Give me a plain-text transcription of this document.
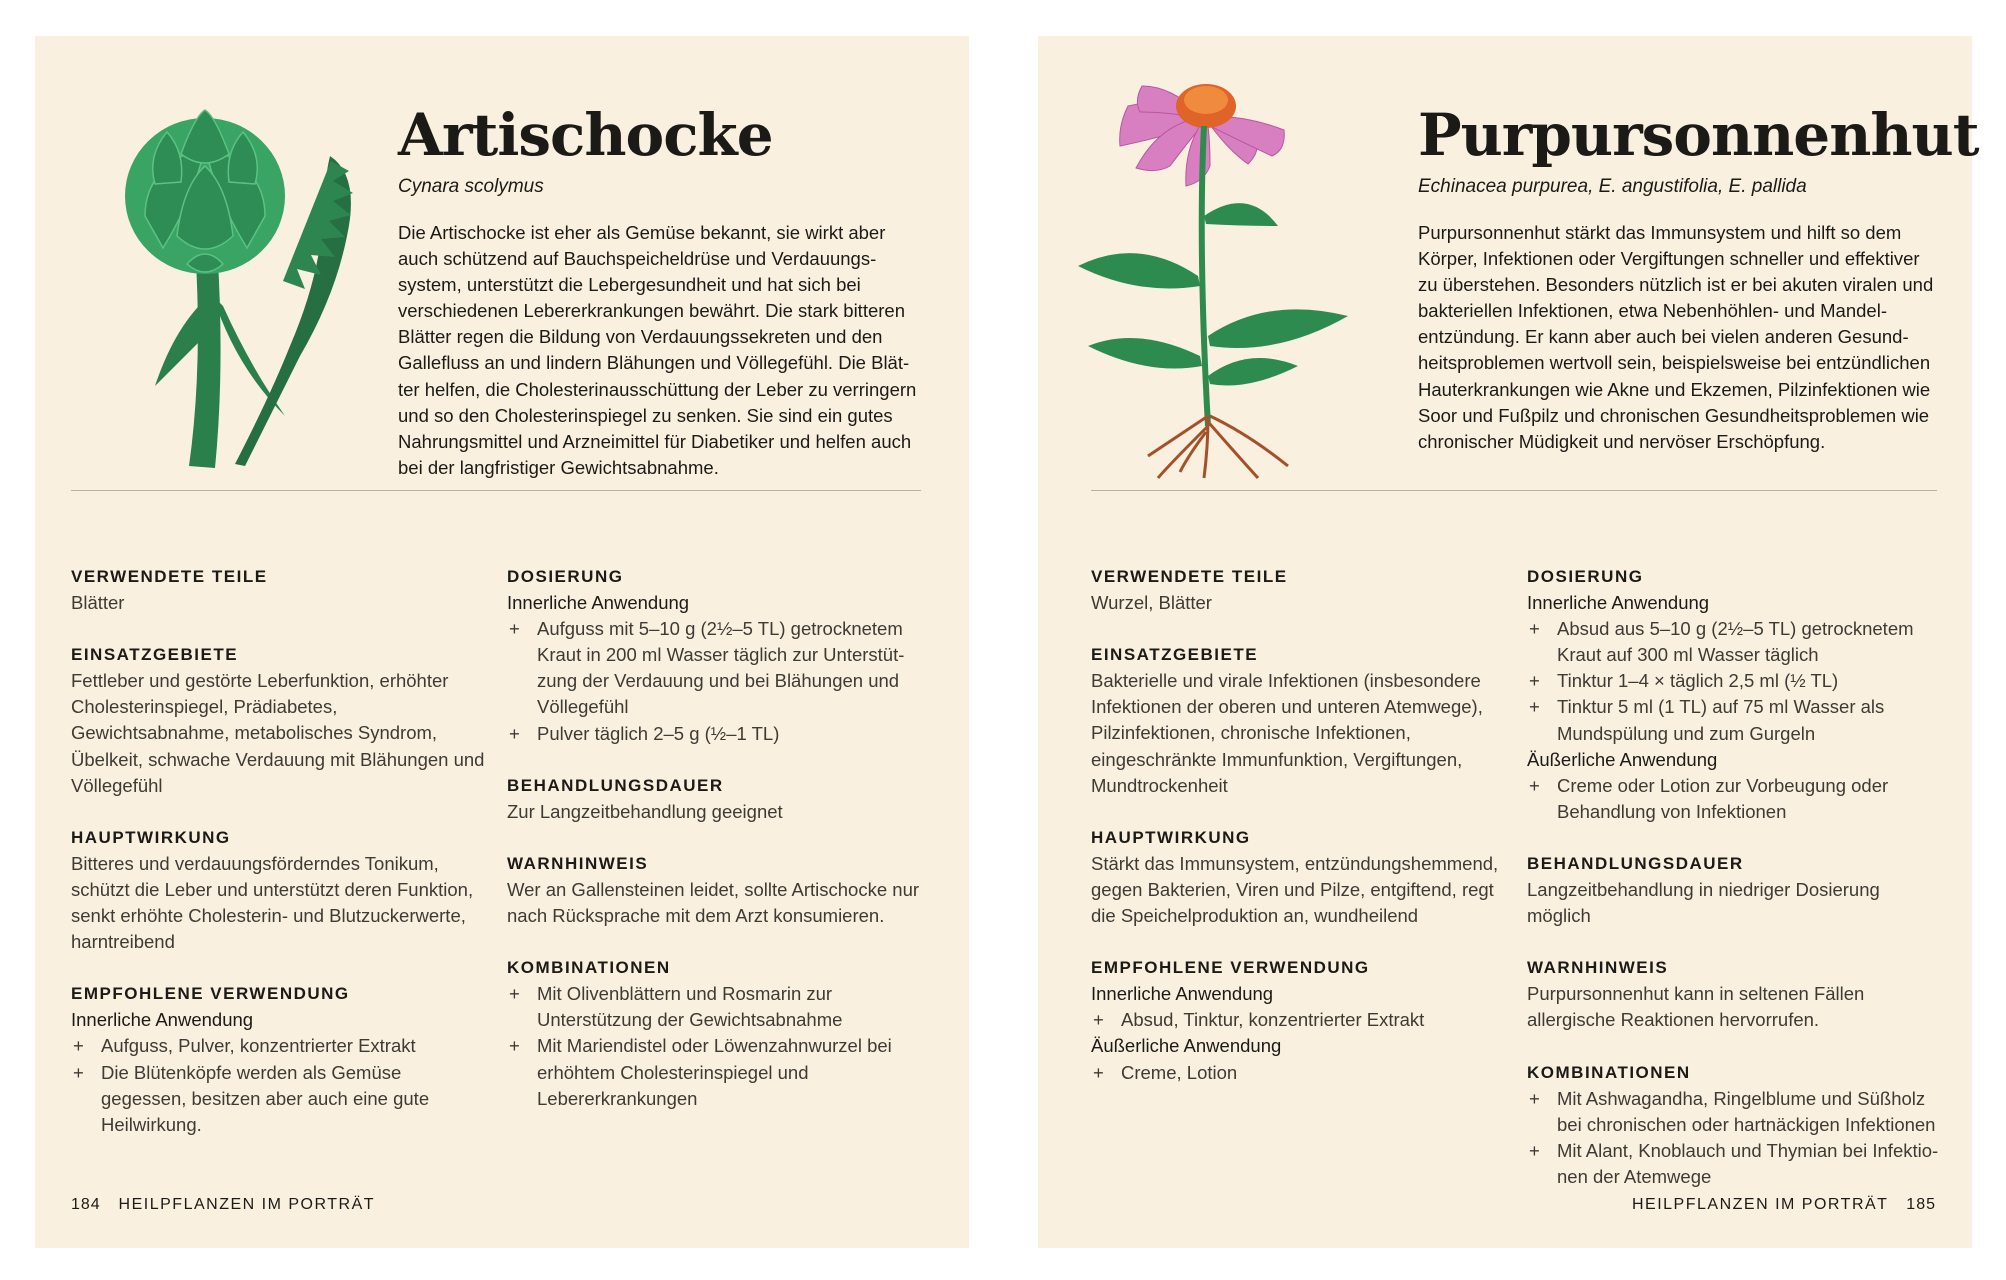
Artischocke

Cynara scolymus

Die Artischocke ist eher als Gemüse bekannt, sie wirkt aber auch schützend auf Bauchspeicheldrüse und Verdauungssystem, unterstützt die Lebergesundheit und hat sich bei verschiedenen Lebererkrankungen bewährt. Die stark bitteren Blätter regen die Bildung von Verdauungssekreten und den Gallefluss an und lindern Blähungen und Völlegefühl. Die Blätter helfen, die Cholesterinausschüttung der Leber zu verringern und so den Cholesterinspiegel zu senken. Sie sind ein gutes Nahrungsmittel und Arzneimittel für Diabetiker und helfen auch bei der langfristiger Gewichtsabnahme.

VERWENDETE TEILE

Blätter

EINSATZGEBIETE

Fettleber und gestörte Leberfunktion, erhöhter Cholesterinspiegel, Prädiabetes, Gewichtsabnahme, metabolisches Syndrom, Übelkeit, schwache Verdauung mit Blähungen und Völlegefühl

HAUPTWIRKUNG

Bitteres und verdauungsförderndes Tonikum, schützt die Leber und unterstützt deren Funktion, senkt erhöhte Cholesterin- und Blutzuckerwerte, harntreibend

EMPFOHLENE VERWENDUNG

Innerliche Anwendung

+ Aufguss, Pulver, konzentrierter Extrakt
+ Die Blütenköpfe werden als Gemüse gegessen, besitzen aber auch eine gute Heilwirkung.
DOSIERUNG

Innerliche Anwendung

+ Aufguss mit 5–10 g (2½–5 TL) getrocknetem Kraut in 200 ml Wasser täglich zur Unterstützung der Verdauung und bei Blähungen und Völlegefühl
+ Pulver täglich 2–5 g (½–1 TL)
BEHANDLUNGSDAUER

Zur Langzeitbehandlung geeignet

WARNHINWEIS

Wer an Gallensteinen leidet, sollte Artischocke nur nach Rücksprache mit dem Arzt konsumieren.

KOMBINATIONEN
+ Mit Olivenblättern und Rosmarin zur Unterstützung der Gewichtsabnahme
+ Mit Mariendistel oder Löwenzahnwurzel bei erhöhtem Cholesterinspiegel und Lebererkrankungen
184 HEILPFLANZEN IM PORTRÄT
Purpursonnenhut

Echinacea purpurea, E. angustifolia, E. pallida

Purpursonnenhut stärkt das Immunsystem und hilft so dem Körper, Infektionen oder Vergiftungen schneller und effektiver zu überstehen. Besonders nützlich ist er bei akuten viralen und bakteriellen Infektionen, etwa Nebenhöhlen- und Mandelentzündung. Er kann aber auch bei vielen anderen Gesundheitsproblemen wertvoll sein, beispielsweise bei entzündlichen Hauterkrankungen wie Akne und Ekzemen, Pilzinfektionen wie Soor und Fußpilz und chronischen Gesundheitsproblemen wie chronischer Müdigkeit und nervöser Erschöpfung.

VERWENDETE TEILE

Wurzel, Blätter

EINSATZGEBIETE

Bakterielle und virale Infektionen (insbesondere Infektionen der oberen und unteren Atemwege), Pilzinfektionen, chronische Infektionen, eingeschränkte Immunfunktion, Vergiftungen, Mundtrockenheit

HAUPTWIRKUNG

Stärkt das Immunsystem, entzündungshemmend, gegen Bakterien, Viren und Pilze, entgiftend, regt die Speichelproduktion an, wundheilend

EMPFOHLENE VERWENDUNG

Innerliche Anwendung

+ Absud, Tinktur, konzentrierter Extrakt

Äußerliche Anwendung

+ Creme, Lotion
DOSIERUNG

Innerliche Anwendung

+ Absud aus 5–10 g (2½–5 TL) getrocknetem Kraut auf 300 ml Wasser täglich
+ Tinktur 1–4 × täglich 2,5 ml (½ TL)
+ Tinktur 5 ml (1 TL) auf 75 ml Wasser als Mundspülung und zum Gurgeln

Äußerliche Anwendung

+ Creme oder Lotion zur Vorbeugung oder Behandlung von Infektionen
BEHANDLUNGSDAUER

Langzeitbehandlung in niedriger Dosierung möglich

WARNHINWEIS

Purpursonnenhut kann in seltenen Fällen allergische Reaktionen hervorrufen.

KOMBINATIONEN
+ Mit Ashwagandha, Ringelblume und Süßholz bei chronischen oder hartnäckigen Infektionen
+ Mit Alant, Knoblauch und Thymian bei Infektionen der Atemwege
HEILPFLANZEN IM PORTRÄT 185
